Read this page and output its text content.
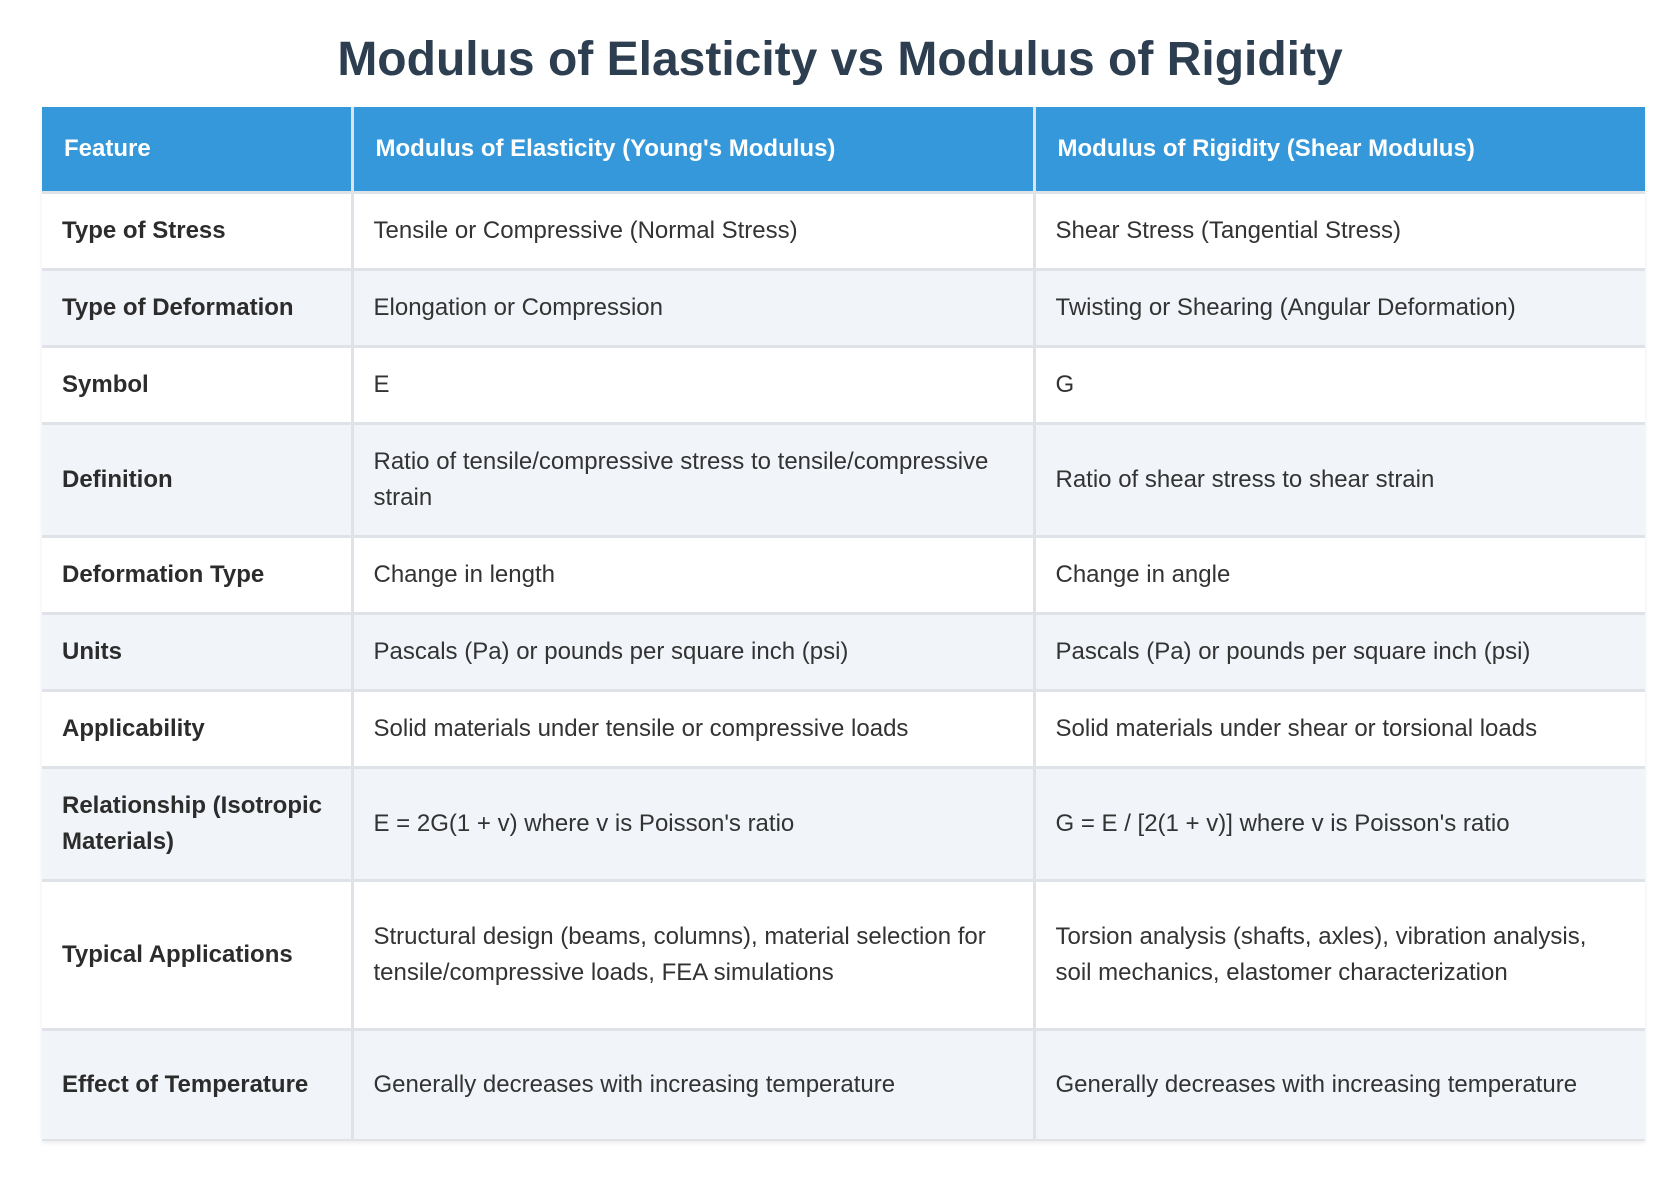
Modulus of Elasticity vs Modulus of Rigidity
Feature	Modulus of Elasticity (Young's Modulus)	Modulus of Rigidity (Shear Modulus)
Type of Stress	Tensile or Compressive (Normal Stress)	Shear Stress (Tangential Stress)
Type of Deformation	Elongation or Compression	Twisting or Shearing (Angular Deformation)
Symbol	E	G
Definition	Ratio of tensile/compressive stress to tensile/compressive strain	Ratio of shear stress to shear strain
Deformation Type	Change in length	Change in angle
Units	Pascals (Pa) or pounds per square inch (psi)	Pascals (Pa) or pounds per square inch (psi)
Applicability	Solid materials under tensile or compressive loads	Solid materials under shear or torsional loads
Relationship (Isotropic Materials)	E = 2G(1 + v) where v is Poisson's ratio	G = E / [2(1 + v)] where v is Poisson's ratio
Typical Applications	Structural design (beams, columns), material selection for tensile/compressive loads, FEA simulations	Torsion analysis (shafts, axles), vibration analysis, soil mechanics, elastomer characterization
Effect of Temperature	Generally decreases with increasing temperature	Generally decreases with increasing temperature
